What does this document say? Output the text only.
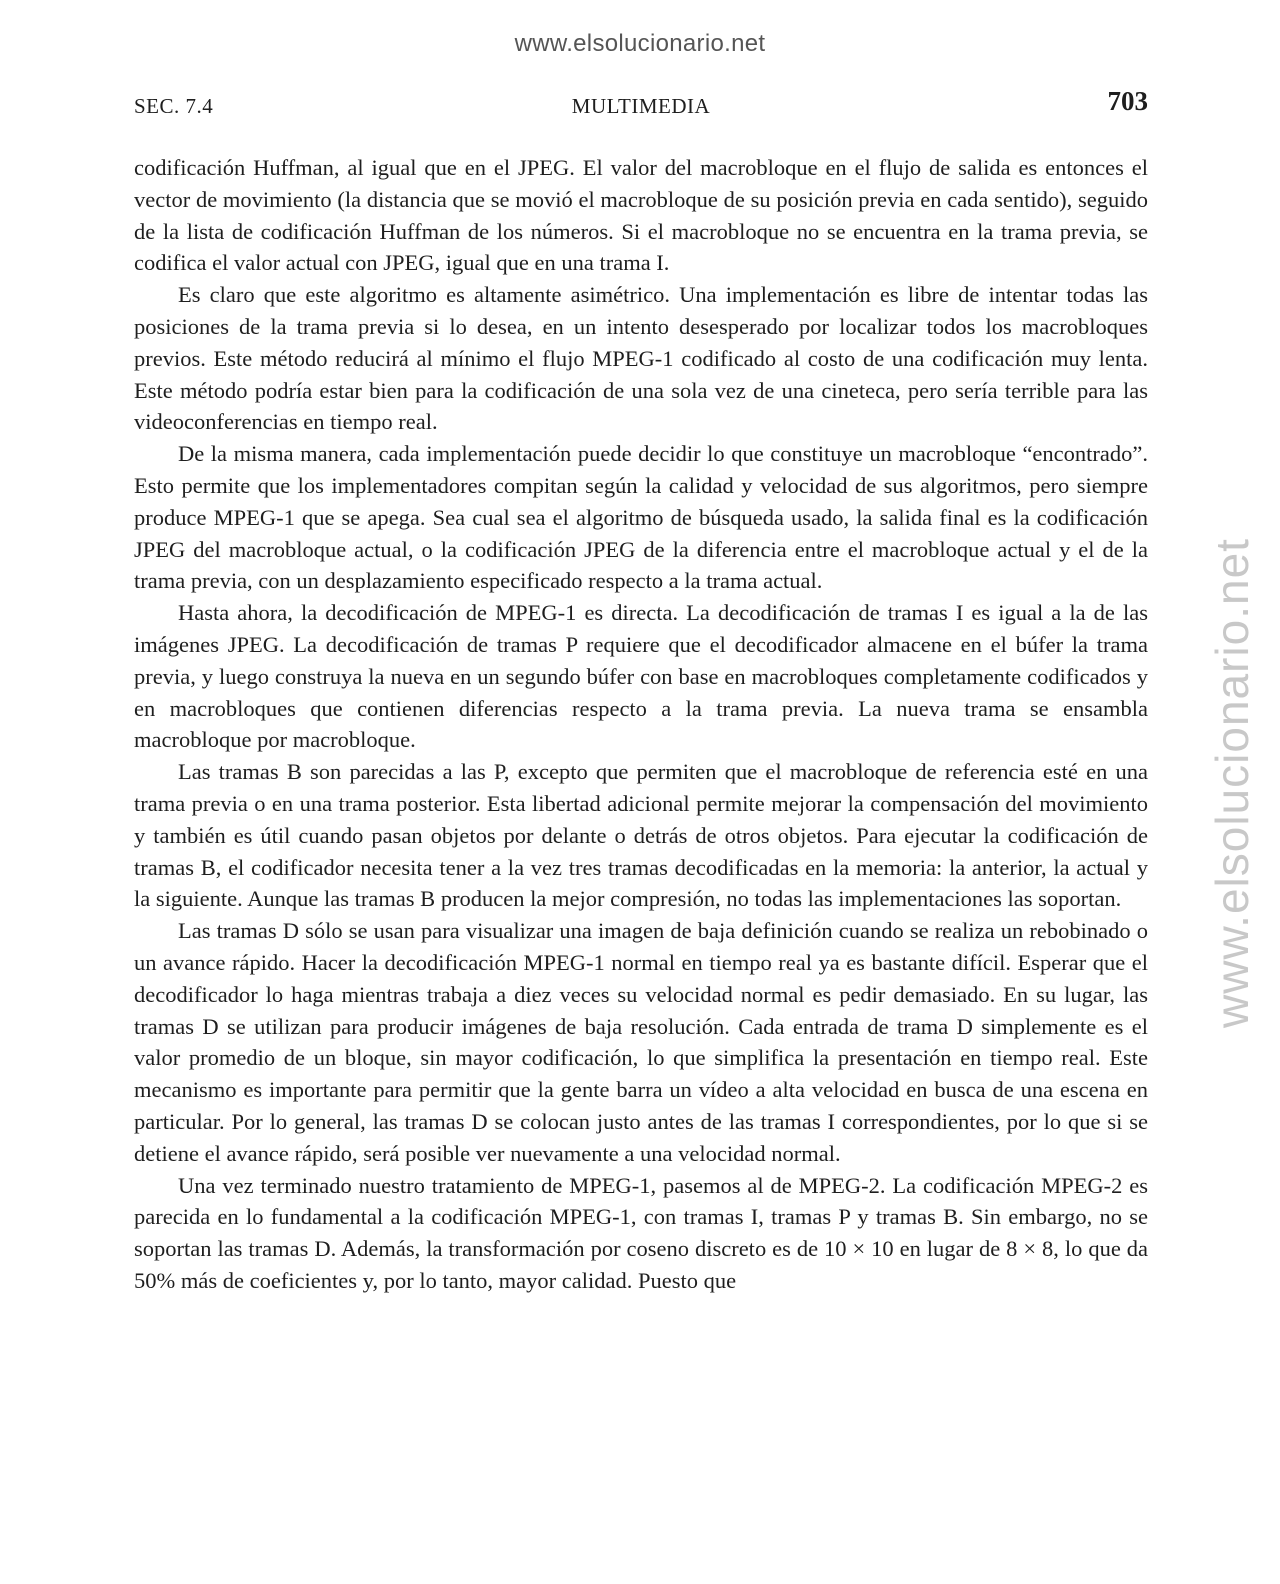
www.elsolucionario.net
www.elsolucionario.net
SEC. 7.4	MULTIMEDIA	703

codificación Huffman, al igual que en el JPEG. El valor del macrobloque en el flujo de salida es entonces el vector de movimiento (la distancia que se movió el macrobloque de su posición previa en cada sentido), seguido de la lista de codificación Huffman de los números. Si el macrobloque no se encuentra en la trama previa, se codifica el valor actual con JPEG, igual que en una trama I.

Es claro que este algoritmo es altamente asimétrico. Una implementación es libre de intentar todas las posiciones de la trama previa si lo desea, en un intento desesperado por localizar todos los macrobloques previos. Este método reducirá al mínimo el flujo MPEG-1 codificado al costo de una codificación muy lenta. Este método podría estar bien para la codificación de una sola vez de una cineteca, pero sería terrible para las videoconferencias en tiempo real.

De la misma manera, cada implementación puede decidir lo que constituye un macrobloque “encontrado”. Esto permite que los implementadores compitan según la calidad y velocidad de sus algoritmos, pero siempre produce MPEG-1 que se apega. Sea cual sea el algoritmo de búsqueda usado, la salida final es la codificación JPEG del macrobloque actual, o la codificación JPEG de la diferencia entre el macrobloque actual y el de la trama previa, con un desplazamiento especificado respecto a la trama actual.

Hasta ahora, la decodificación de MPEG-1 es directa. La decodificación de tramas I es igual a la de las imágenes JPEG. La decodificación de tramas P requiere que el decodificador almacene en el búfer la trama previa, y luego construya la nueva en un segundo búfer con base en macrobloques completamente codificados y en macrobloques que contienen diferencias respecto a la trama previa. La nueva trama se ensambla macrobloque por macrobloque.

Las tramas B son parecidas a las P, excepto que permiten que el macrobloque de referencia esté en una trama previa o en una trama posterior. Esta libertad adicional permite mejorar la compensación del movimiento y también es útil cuando pasan objetos por delante o detrás de otros objetos. Para ejecutar la codificación de tramas B, el codificador necesita tener a la vez tres tramas decodificadas en la memoria: la anterior, la actual y la siguiente. Aunque las tramas B producen la mejor compresión, no todas las implementaciones las soportan.

Las tramas D sólo se usan para visualizar una imagen de baja definición cuando se realiza un rebobinado o un avance rápido. Hacer la decodificación MPEG-1 normal en tiempo real ya es bastante difícil. Esperar que el decodificador lo haga mientras trabaja a diez veces su velocidad normal es pedir demasiado. En su lugar, las tramas D se utilizan para producir imágenes de baja resolución. Cada entrada de trama D simplemente es el valor promedio de un bloque, sin mayor codificación, lo que simplifica la presentación en tiempo real. Este mecanismo es importante para permitir que la gente barra un vídeo a alta velocidad en busca de una escena en particular. Por lo general, las tramas D se colocan justo antes de las tramas I correspondientes, por lo que si se detiene el avance rápido, será posible ver nuevamente a una velocidad normal.

Una vez terminado nuestro tratamiento de MPEG-1, pasemos al de MPEG-2. La codificación MPEG-2 es parecida en lo fundamental a la codificación MPEG-1, con tramas I, tramas P y tramas B. Sin embargo, no se soportan las tramas D. Además, la transformación por coseno discreto es de 10 × 10 en lugar de 8 × 8, lo que da 50% más de coeficientes y, por lo tanto, mayor calidad. Puesto que
